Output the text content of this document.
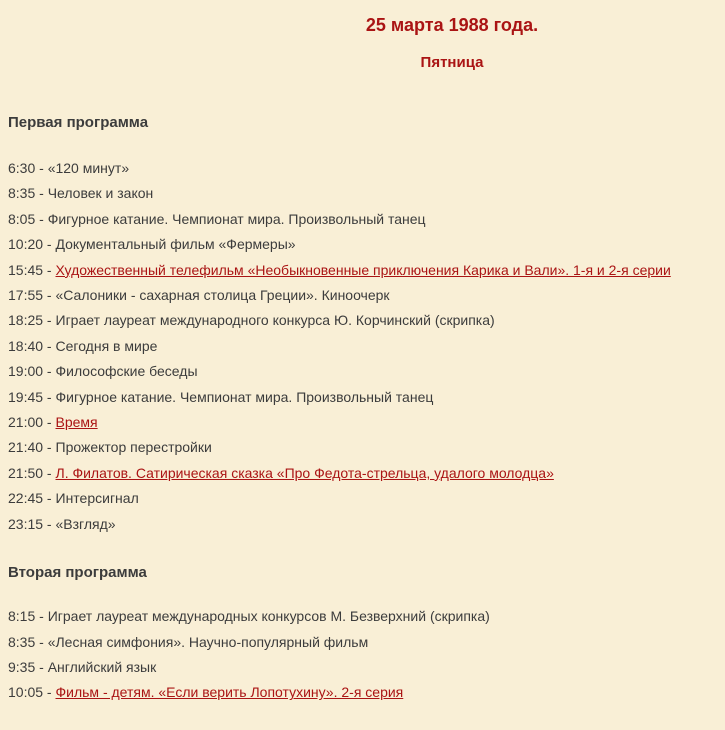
25 марта 1988 года.
Пятница
Первая программа
6:30 - «120 минут»
8:35 - Человек и закон
8:05 - Фигурное катание. Чемпионат мира. Произвольный танец
10:20 - Документальный фильм «Фермеры»
15:45 - Художественный телефильм «Необыкновенные приключения Карика и Вали». 1-я и 2-я серии
17:55 - «Салоники - сахарная столица Греции». Киноочерк
18:25 - Играет лауреат международного конкурса Ю. Корчинский (скрипка)
18:40 - Сегодня в мире
19:00 - Философские беседы
19:45 - Фигурное катание. Чемпионат мира. Произвольный танец
21:00 - Время
21:40 - Прожектор перестройки
21:50 - Л. Филатов. Сатирическая сказка «Про Федота-стрельца, удалого молодца»
22:45 - Интерсигнал
23:15 - «Взгляд»
Вторая программа
8:15 - Играет лауреат международных конкурсов М. Безверхний (скрипка)
8:35 - «Лесная симфония». Научно-популярный фильм
9:35 - Английский язык
10:05 - Фильм - детям. «Если верить Лопотухину». 2-я серия
